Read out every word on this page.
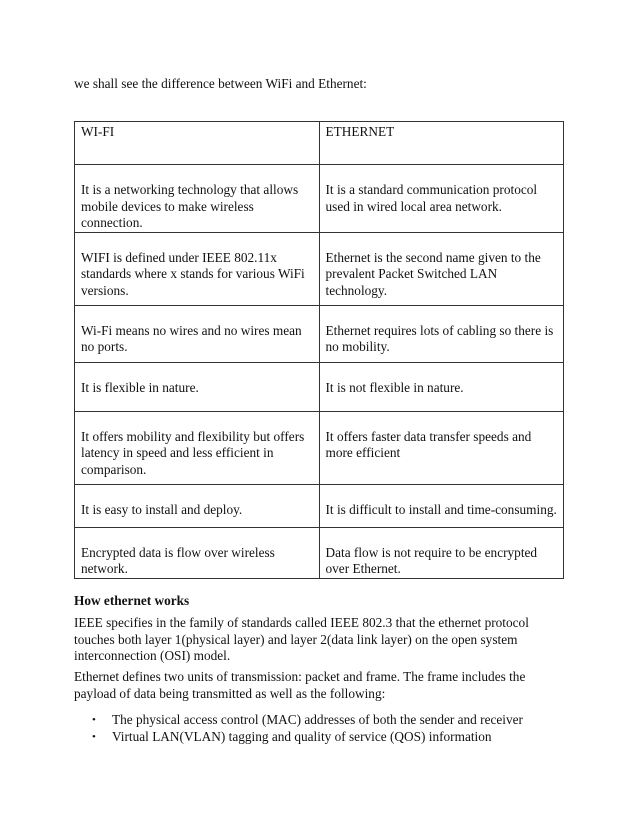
we shall see the difference between WiFi and Ethernet:

WI-FI	ETHERNET
It is a networking technology that allows mobile devices to make wireless connection.	It is a standard communication protocol used in wired local area network.
WIFI is defined under IEEE 802.11x standards where x stands for various WiFi versions.	Ethernet is the second name given to the prevalent Packet Switched LAN technology.
Wi-Fi means no wires and no wires mean no ports.	Ethernet requires lots of cabling so there is no mobility.
It is flexible in nature.	It is not flexible in nature.
It offers mobility and flexibility but offers latency in speed and less efficient in comparison.	It offers faster data transfer speeds and more efficient
It is easy to install and deploy.	It is difficult to install and time-consuming.
Encrypted data is flow over wireless network.	Data flow is not require to be encrypted over Ethernet.
How ethernet works

IEEE specifies in the family of standards called IEEE 802.3 that the ethernet protocol touches both layer 1(physical layer) and layer 2(data link layer) on the open system interconnection (OSI) model.

Ethernet defines two units of transmission: packet and frame. The frame includes the payload of data being transmitted as well as the following:

• The physical access control (MAC) addresses of both the sender and receiver
• Virtual LAN(VLAN) tagging and quality of service (QOS) information
